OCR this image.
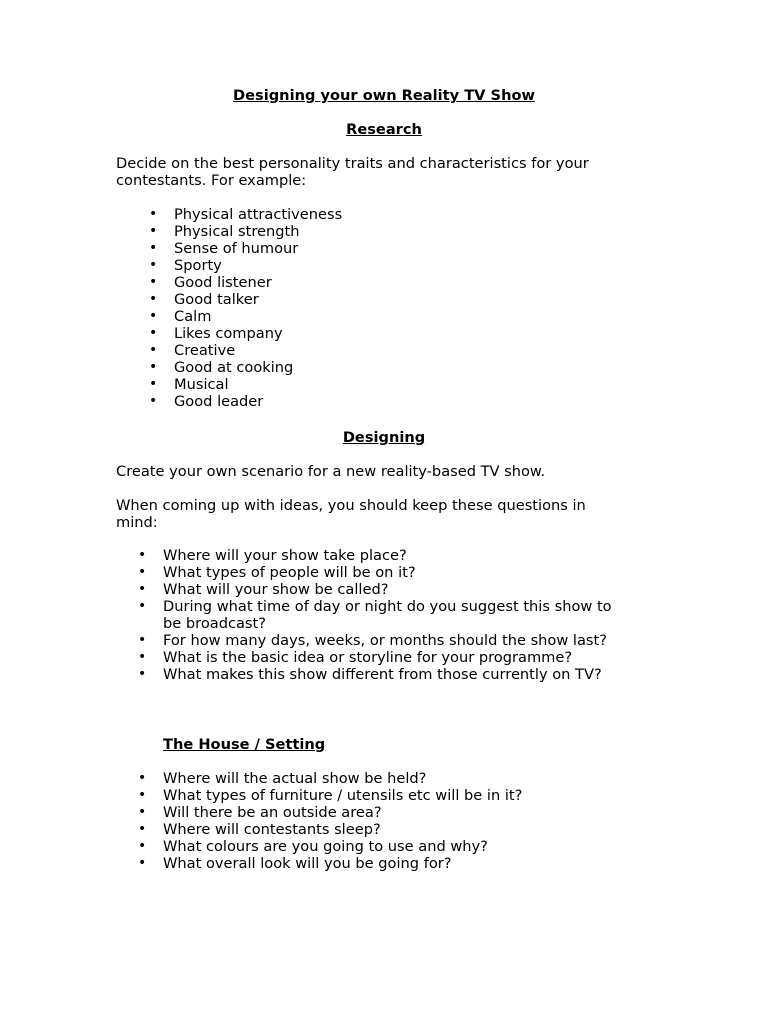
Designing your own Reality TV Show
Research
Decide on the best personality traits and characteristics for your
contestants. For example:
• Physical attractiveness
• Physical strength
• Sense of humour
• Sporty
• Good listener
• Good talker
• Calm
• Likes company
• Creative
• Good at cooking
• Musical
• Good leader
Designing
Create your own scenario for a new reality-based TV show.
When coming up with ideas, you should keep these questions in
mind:
• Where will your show take place?
• What types of people will be on it?
• What will your show be called?
• During what time of day or night do you suggest this show to
be broadcast?
• For how many days, weeks, or months should the show last?
• What is the basic idea or storyline for your programme?
• What makes this show different from those currently on TV?
The House / Setting
• Where will the actual show be held?
• What types of furniture / utensils etc will be in it?
• Will there be an outside area?
• Where will contestants sleep?
• What colours are you going to use and why?
• What overall look will you be going for?
